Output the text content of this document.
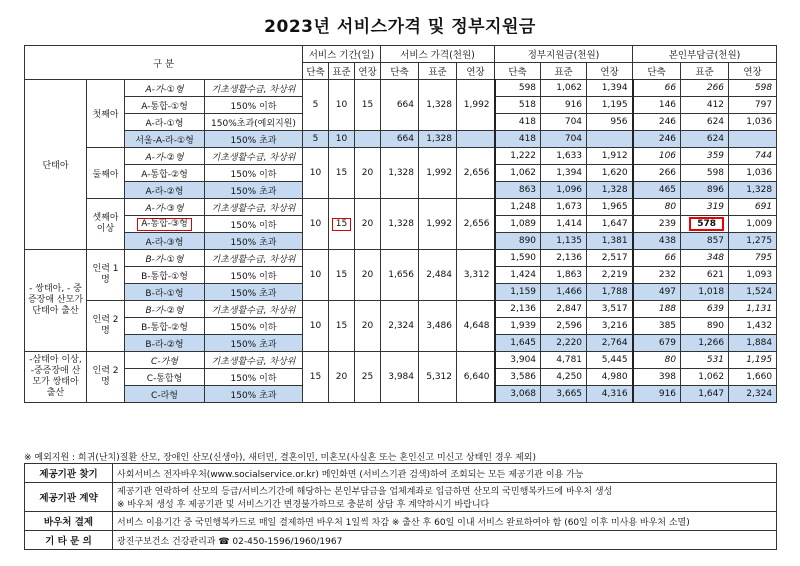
2023년 서비스가격 및 정부지원금
구 분				서비스 기간(일)			서비스 가격(천원)			정부지원금(천원)			본인부담금(천원)		
				단축	표준	연장	단축	표준	연장	단축	표준	연장	단축	표준	연장
단태아	첫째아	A-가-①형	기초생활수급, 차상위	5	10	15	664	1,328	1,992	598	1,062	1,394	66	266	598
		A-통합-①형	150% 이하							518	916	1,195	146	412	797
		A-라-①형	150%초과(예외지원)							418	704	956	246	624	1,036
		서울-A-라-①형	150% 초과	5	10		664	1,328		418	704		246	624	
	둘째아	A-가-②형	기초생활수급, 차상위	10	15	20	1,328	1,992	2,656	1,222	1,633	1,912	106	359	744
		A-통합-②형	150% 이하							1,062	1,394	1,620	266	598	1,036
		A-라-②형	150% 초과							863	1,096	1,328	465	896	1,328
	셋째아 이상	A-가-③형	기초생활수급, 차상위	10	15	20	1,328	1,992	2,656	1,248	1,673	1,965	80	319	691
		A-통합-③형	150% 이하							1,089	1,414	1,647	239	578	1,009
		A-라-③형	150% 초과							890	1,135	1,381	438	857	1,275
- 쌍태아, - 중증장애 산모가 단태아 출산	인력 1명	B-가-①형	기초생활수급, 차상위	10	15	20	1,656	2,484	3,312	1,590	2,136	2,517	66	348	795
		B-통합-①형	150% 이하							1,424	1,863	2,219	232	621	1,093
		B-라-①형	150% 초과							1,159	1,466	1,788	497	1,018	1,524
	인력 2명	B-가-②형	기초생활수급, 차상위	10	15	20	2,324	3,486	4,648	2,136	2,847	3,517	188	639	1,131
		B-통합-②형	150% 이하							1,939	2,596	3,216	385	890	1,432
		B-라-②형	150% 초과							1,645	2,220	2,764	679	1,266	1,884
-삼태아 이상, -중증장애 산모가 쌍태아 출산	인력 2명	C-가형	기초생활수급, 차상위	15	20	25	3,984	5,312	6,640	3,904	4,781	5,445	80	531	1,195
		C-통합형	150% 이하							3,586	4,250	4,980	398	1,062	1,660
		C-라형	150% 초과							3,068	3,665	4,316	916	1,647	2,324
※ 예외지원 : 희귀(난치)질환 산모, 장애인 산모(신생아), 새터민, 결혼이민, 미혼모(사실혼 또는 혼인신고 미신고 상태인 경우 제외)
제공기관 찾기	사회서비스 전자바우처(www.socialservice.or.kr) 메인화면 (서비스기관 검색)하여 조회되는 모든 제공기관 이용 가능

제공기관 계약	제공기관 연락하여 산모의 등급/서비스기간에 해당하는 본인부담금을 업체계좌로 입금하면 산모의 국민행복카드에 바우처 생성
※ 바우처 생성 후 제공기관 및 서비스기간 변경불가하므로 충분히 상담 후 계약하시기 바랍니다

바우처 결제	서비스 이용기간 중 국민행복카드로 매일 결제하면 바우처 1일씩 차감 ※ 출산 후 60일 이내 서비스 완료하여야 함 (60일 이후 미사용 바우처 소멸)

기 타 문 의	광진구보건소 건강관리과 ☎ 02-450-1596/1960/1967
